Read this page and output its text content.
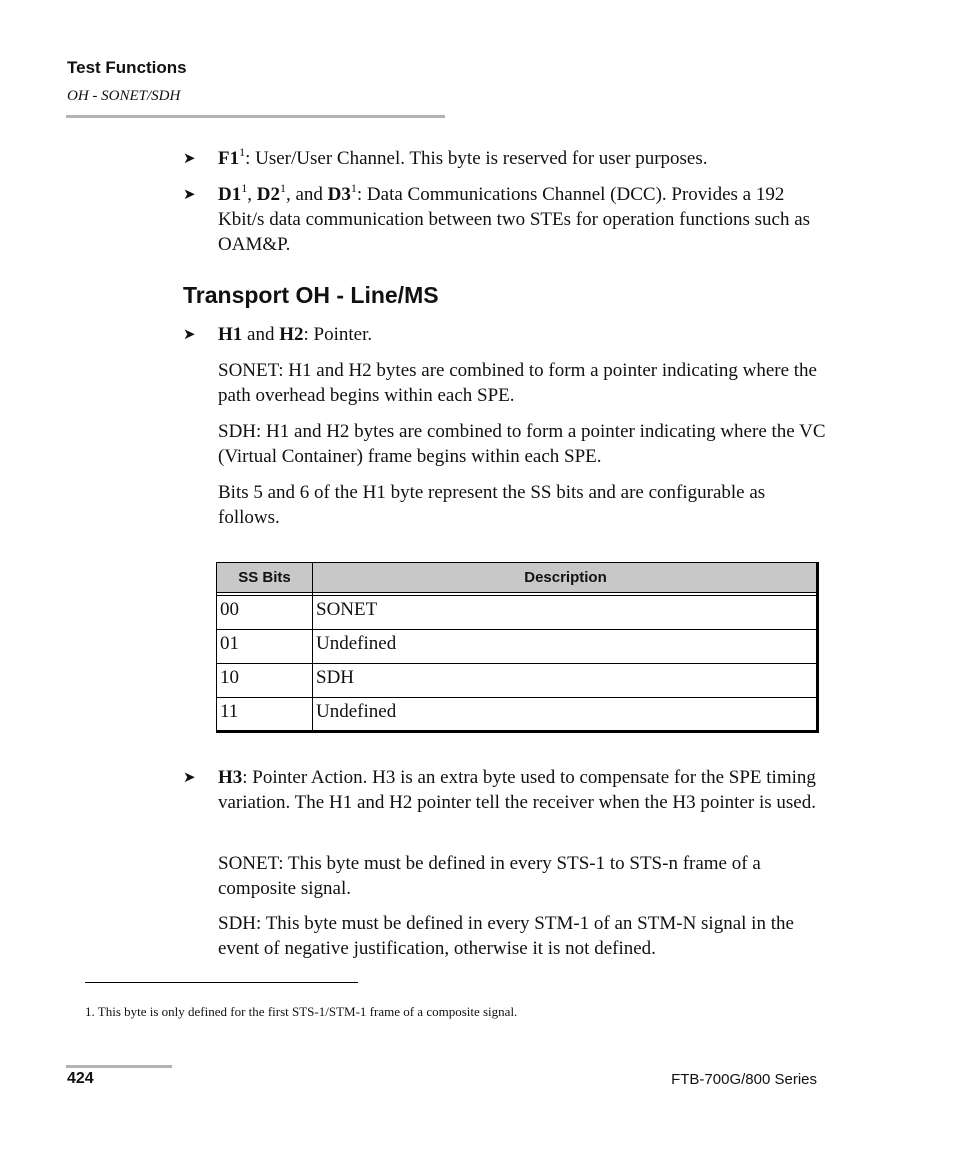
Test Functions
OH - SONET/SDH
➤ $F1^1$: User/User Channel. This byte is reserved for user purposes.

➤ $D1^1$, $D2^1$, and $D3^1$: Data Communications Channel (DCC). Provides a 192 Kbit/s data communication between two STEs for operation functions such as OAM&P.

Transport OH - Line/MS
➤ H1 and H2: Pointer.

SONET: H1 and H2 bytes are combined to form a pointer indicating where the path overhead begins within each SPE.

SDH: H1 and H2 bytes are combined to form a pointer indicating where the VC (Virtual Container) frame begins within each SPE.

Bits 5 and 6 of the H1 byte represent the SS bits and are configurable as follows.

SS Bits	Description

00	SONET
01	Undefined
10	SDH
11	Undefined
➤ H3: Pointer Action. H3 is an extra byte used to compensate for the SPE timing variation. The H1 and H2 pointer tell the receiver when the H3 pointer is used.

SONET: This byte must be defined in every STS-1 to STS-n frame of a composite signal.

SDH: This byte must be defined in every STM-1 of an STM-N signal in the event of negative justification, otherwise it is not defined.

1. This byte is only defined for the first STS-1/STM-1 frame of a composite signal.
424	FTB-700G/800 Series
